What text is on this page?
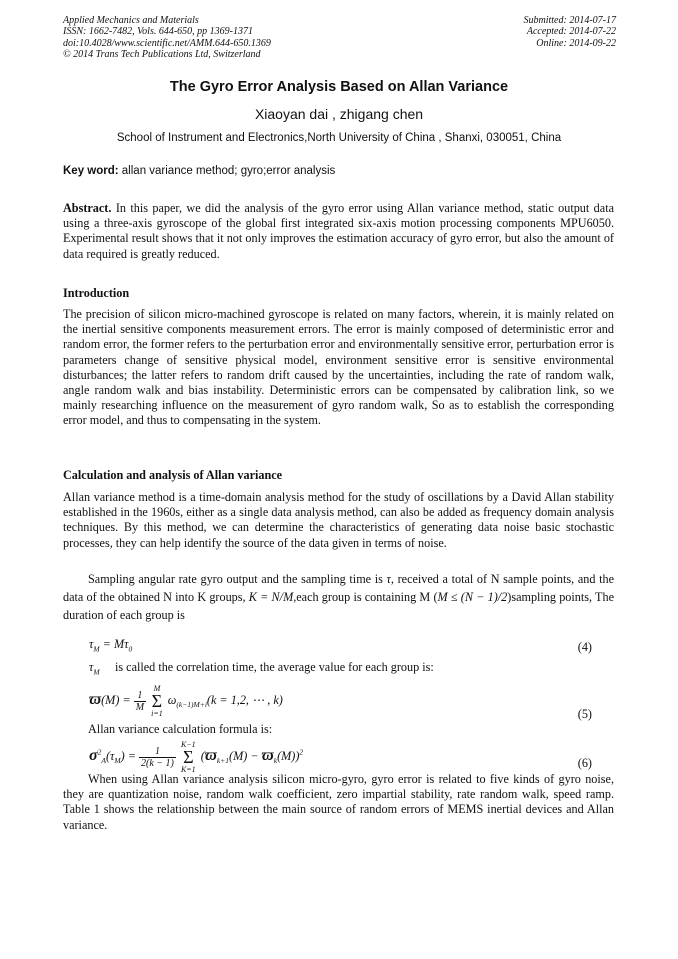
Applied Mechanics and Materials
ISSN: 1662-7482, Vols. 644-650, pp 1369-1371
doi:10.4028/www.scientific.net/AMM.644-650.1369
© 2014 Trans Tech Publications Ltd, Switzerland
Submitted: 2014-07-17
Accepted: 2014-07-22
Online: 2014-09-22
The Gyro Error Analysis Based on Allan Variance
Xiaoyan dai , zhigang chen
School of Instrument and Electronics,North University of China , Shanxi, 030051, China
Key word: allan variance method; gyro;error analysis
Abstract. In this paper, we did the analysis of the gyro error using Allan variance method, static output data using a three-axis gyroscope of the global first integrated six-axis motion processing components MPU6050. Experimental result shows that it not only improves the estimation accuracy of gyro error, but also the amount of data required is greatly reduced.
Introduction
The precision of silicon micro-machined gyroscope is related on many factors, wherein, it is mainly related on the inertial sensitive components measurement errors. The error is mainly composed of deterministic error and random error, the former refers to the perturbation error and environmentally sensitive error, perturbation error is parameters change of sensitive physical model, environment sensitive error is sensitive environmental disturbances; the latter refers to random drift caused by the uncertainties, including the rate of random walk, angle random walk and bias instability. Deterministic errors can be compensated by calibration link, so we mainly researching influence on the measurement of gyro random walk, So as to establish the corresponding error model, and thus to compensating in the system.
Calculation and analysis of Allan variance
Allan variance method is a time-domain analysis method for the study of oscillations by a David Allan stability established in the 1960s, either as a single data analysis method, can also be added as frequency domain analysis techniques. By this method, we can determine the characteristics of generating data noise basic stochastic processes, they can help identify the source of the data given in terms of noise.
Sampling angular rate gyro output and the sampling time is τ, received a total of N sample points, and the data of the obtained N into K groups, K = N/M,each group is containing M (M ≤ (N − 1)/2)sampling points, The duration of each group is
$\tau_M = M\tau_0$	(4)
$\tau_M$ is called the correlation time, the average value for each group is:
$ϖ(M) = \frac{1}{M}$
M
Σ
i=1 $\omega_{(k-1)M+i}(k = 1,2$, ⋯ , k)
(5)
Allan variance calculation formula is:
$\sigma^2_A(\tau_M) = \frac{1}{2(k - 1)}$
K−1
Σ
K=1 $(ϖ_{k+1}(M) - ϖ_k(M))^2$
(6)
When using Allan variance analysis silicon micro-gyro, gyro error is related to five kinds of gyro noise, they are quantization noise, random walk coefficient, zero impartial stability, rate random walk, speed ramp. Table 1 shows the relationship between the main source of random errors of MEMS inertial devices and Allan variance.
